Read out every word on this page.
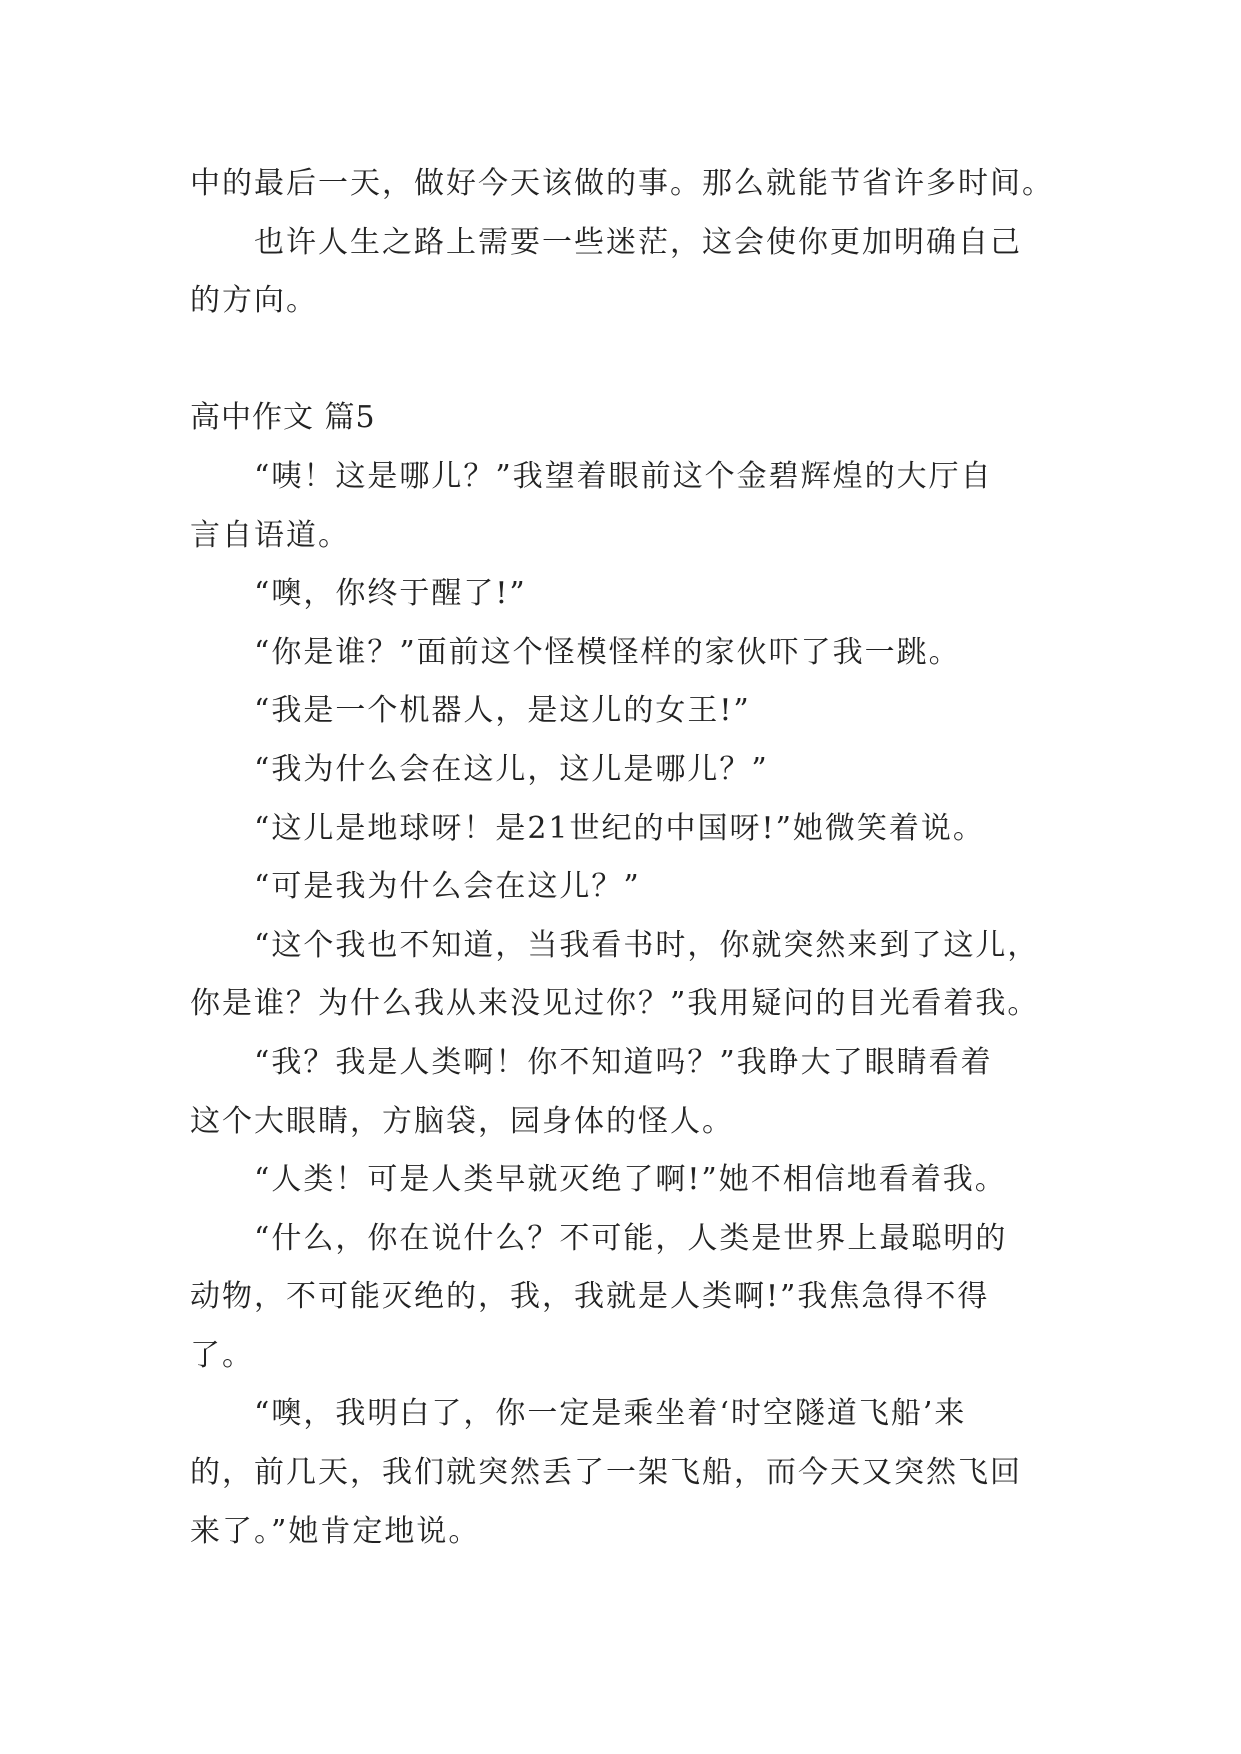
中的最后一天，做好今天该做的事。那么就能节省许多时间。
也许人生之路上需要一些迷茫，这会使你更加明确自己
的方向。
高中作文 篇5
“咦！这是哪儿？”我望着眼前这个金碧辉煌的大厅自
言自语道。
“噢，你终于醒了!”
“你是谁？”面前这个怪模怪样的家伙吓了我一跳。
“我是一个机器人，是这儿的女王!”
“我为什么会在这儿，这儿是哪儿？”
“这儿是地球呀！是21世纪的中国呀!”她微笑着说。
“可是我为什么会在这儿？”
“这个我也不知道，当我看书时，你就突然来到了这儿，
你是谁？为什么我从来没见过你？”我用疑问的目光看着我。
“我？我是人类啊！你不知道吗？”我睁大了眼睛看着
这个大眼睛，方脑袋，园身体的怪人。
“人类！可是人类早就灭绝了啊!”她不相信地看着我。
“什么，你在说什么？不可能，人类是世界上最聪明的
动物，不可能灭绝的，我，我就是人类啊!”我焦急得不得
了。
“噢，我明白了，你一定是乘坐着‘时空隧道飞船’来
的，前几天，我们就突然丢了一架飞船，而今天又突然飞回
来了。”她肯定地说。
